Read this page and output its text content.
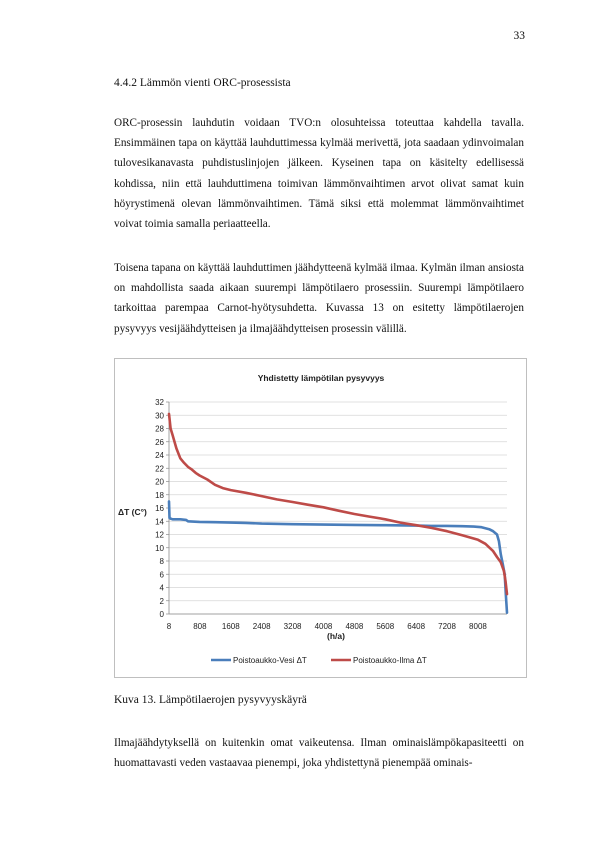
33
4.4.2 Lämmön vienti ORC-prosessista

ORC-prosessin lauhdutin voidaan TVO:n olosuhteissa toteuttaa kahdella tavalla. Ensimmäinen tapa on käyttää lauhduttimessa kylmää merivettä, jota saadaan ydinvoimalan tulovesikanavasta puhdistuslinjojen jälkeen. Kyseinen tapa on käsitelty edellisessä kohdissa, niin että lauhduttimena toimivan lämmönvaihtimen arvot olivat samat kuin höyrystimenä olevan lämmönvaihtimen. Tämä siksi että molemmat lämmönvaihtimet voivat toimia samalla periaatteella.

Toisena tapana on käyttää lauhduttimen jäähdytteenä kylmää ilmaa. Kylmän ilman ansiosta on mahdollista saada aikaan suurempi lämpötilaero prosessiin. Suurempi lämpötilaero tarkoittaa parempaa Carnot-hyötysuhdetta. Kuvassa 13 on esitetty lämpötilaerojen pysyvyys vesijäähdytteisen ja ilmajäähdytteisen prosessin välillä.

Yhdistetty lämpötilan pysyvyys
0
2
4
6
8
10
12
14
16
18
20
22
24
26
28
30
32
8	808 1608 2408 3208 4008 4808 5608 6408 7208 8008
ΔT (C°)
(h/a)
Poistoaukko-Vesi ΔT	Poistoaukko-Ilma ΔT
Kuva 13. Lämpötilaerojen pysyvyyskäyrä

Ilmajäähdytyksellä on kuitenkin omat vaikeutensa. Ilman ominaislämpökapasiteetti on huomattavasti veden vastaavaa pienempi, joka yhdistettynä pienempää ominais-
